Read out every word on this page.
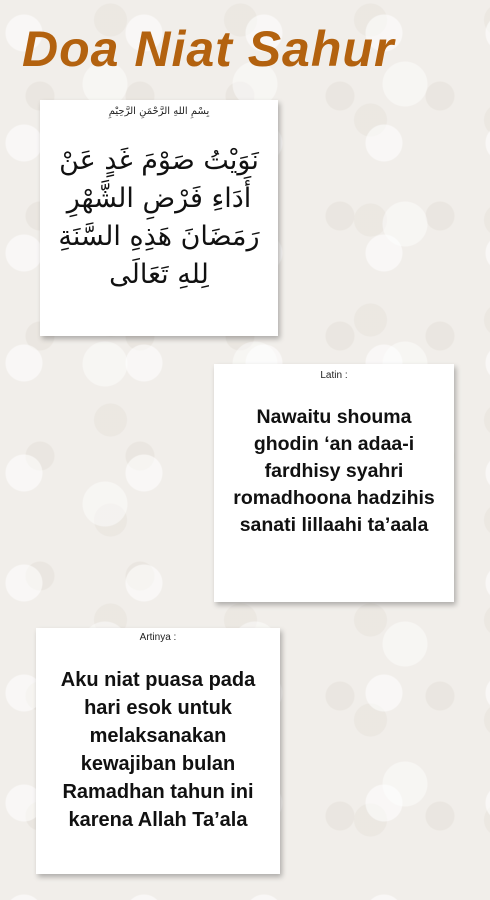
Doa Niat Sahur
بِسْمِ اللهِ الرَّحْمَنِ الرَّحِيْمِ
نَوَيْتُ صَوْمَ غَدٍ عَنْ أَدَاءِ فَرْضِ الشَّهْرِ رَمَضَانَ هَذِهِ السَّنَةِ لِلهِ تَعَالَى
Latin :
Nawaitu shouma ghodin ‘an adaa-i fardhisy syahri romadhoona hadzihis sanati lillaahi ta’aala
Artinya :
Aku niat puasa pada hari esok untuk melaksanakan kewajiban bulan Ramadhan tahun ini karena Allah Ta’ala
